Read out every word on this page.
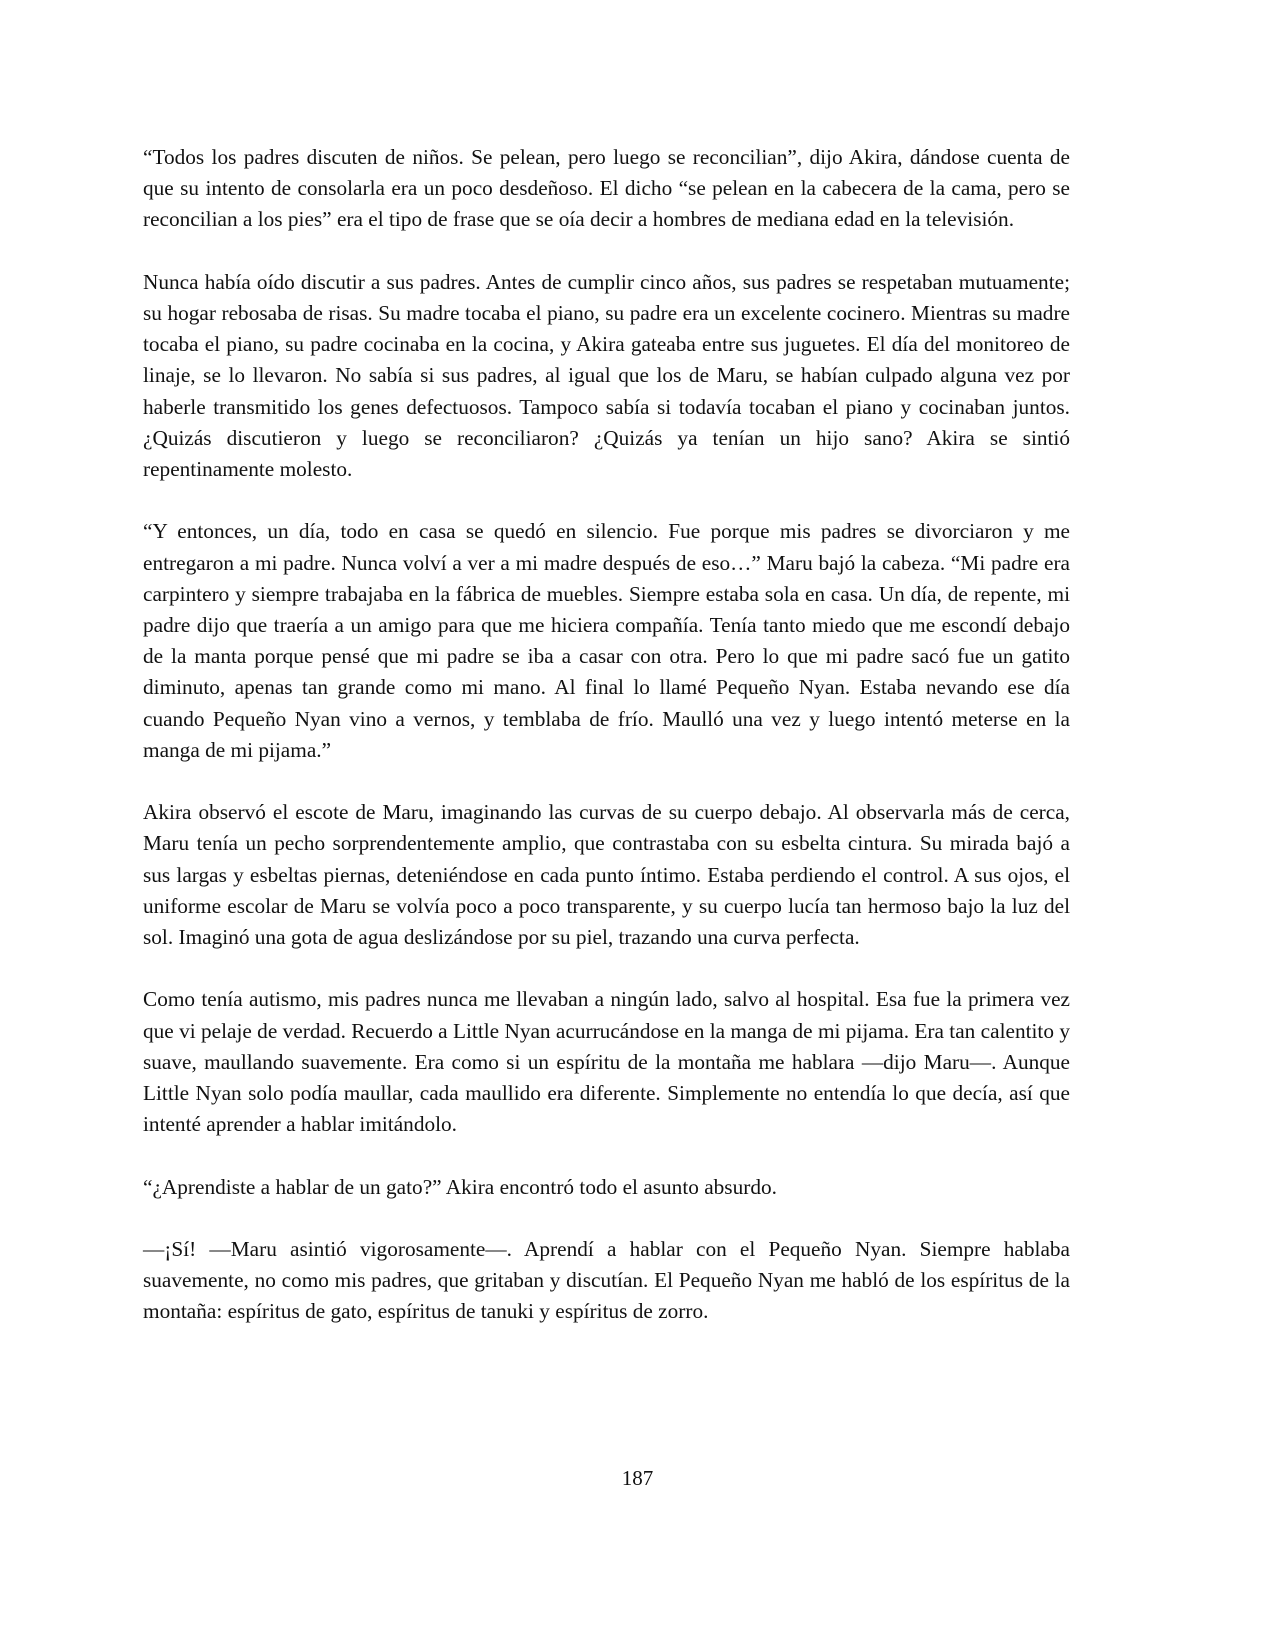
“Todos los padres discuten de niños. Se pelean, pero luego se reconcilian”, dijo Akira, dándose cuenta de que su intento de consolarla era un poco desdeñoso. El dicho “se pelean en la cabecera de la cama, pero se reconcilian a los pies” era el tipo de frase que se oía decir a hombres de mediana edad en la televisión.

Nunca había oído discutir a sus padres. Antes de cumplir cinco años, sus padres se respetaban mutuamente; su hogar rebosaba de risas. Su madre tocaba el piano, su padre era un excelente cocinero. Mientras su madre tocaba el piano, su padre cocinaba en la cocina, y Akira gateaba entre sus juguetes. El día del monitoreo de linaje, se lo llevaron. No sabía si sus padres, al igual que los de Maru, se habían culpado alguna vez por haberle transmitido los genes defectuosos. Tampoco sabía si todavía tocaban el piano y cocinaban juntos. ¿Quizás discutieron y luego se reconciliaron? ¿Quizás ya tenían un hijo sano? Akira se sintió repentinamente molesto.

“Y entonces, un día, todo en casa se quedó en silencio. Fue porque mis padres se divorciaron y me entregaron a mi padre. Nunca volví a ver a mi madre después de eso…” Maru bajó la cabeza. “Mi padre era carpintero y siempre trabajaba en la fábrica de muebles. Siempre estaba sola en casa. Un día, de repente, mi padre dijo que traería a un amigo para que me hiciera compañía. Tenía tanto miedo que me escondí debajo de la manta porque pensé que mi padre se iba a casar con otra. Pero lo que mi padre sacó fue un gatito diminuto, apenas tan grande como mi mano. Al final lo llamé Pequeño Nyan. Estaba nevando ese día cuando Pequeño Nyan vino a vernos, y temblaba de frío. Maulló una vez y luego intentó meterse en la manga de mi pijama.”

Akira observó el escote de Maru, imaginando las curvas de su cuerpo debajo. Al observarla más de cerca, Maru tenía un pecho sorprendentemente amplio, que contrastaba con su esbelta cintura. Su mirada bajó a sus largas y esbeltas piernas, deteniéndose en cada punto íntimo. Estaba perdiendo el control. A sus ojos, el uniforme escolar de Maru se volvía poco a poco transparente, y su cuerpo lucía tan hermoso bajo la luz del sol. Imaginó una gota de agua deslizándose por su piel, trazando una curva perfecta.

Como tenía autismo, mis padres nunca me llevaban a ningún lado, salvo al hospital. Esa fue la primera vez que vi pelaje de verdad. Recuerdo a Little Nyan acurrucándose en la manga de mi pijama. Era tan calentito y suave, maullando suavemente. Era como si un espíritu de la montaña me hablara —dijo Maru—. Aunque Little Nyan solo podía maullar, cada maullido era diferente. Simplemente no entendía lo que decía, así que intenté aprender a hablar imitándolo.

“¿Aprendiste a hablar de un gato?” Akira encontró todo el asunto absurdo.

—¡Sí! —Maru asintió vigorosamente—. Aprendí a hablar con el Pequeño Nyan. Siempre hablaba suavemente, no como mis padres, que gritaban y discutían. El Pequeño Nyan me habló de los espíritus de la montaña: espíritus de gato, espíritus de tanuki y espíritus de zorro.

187
